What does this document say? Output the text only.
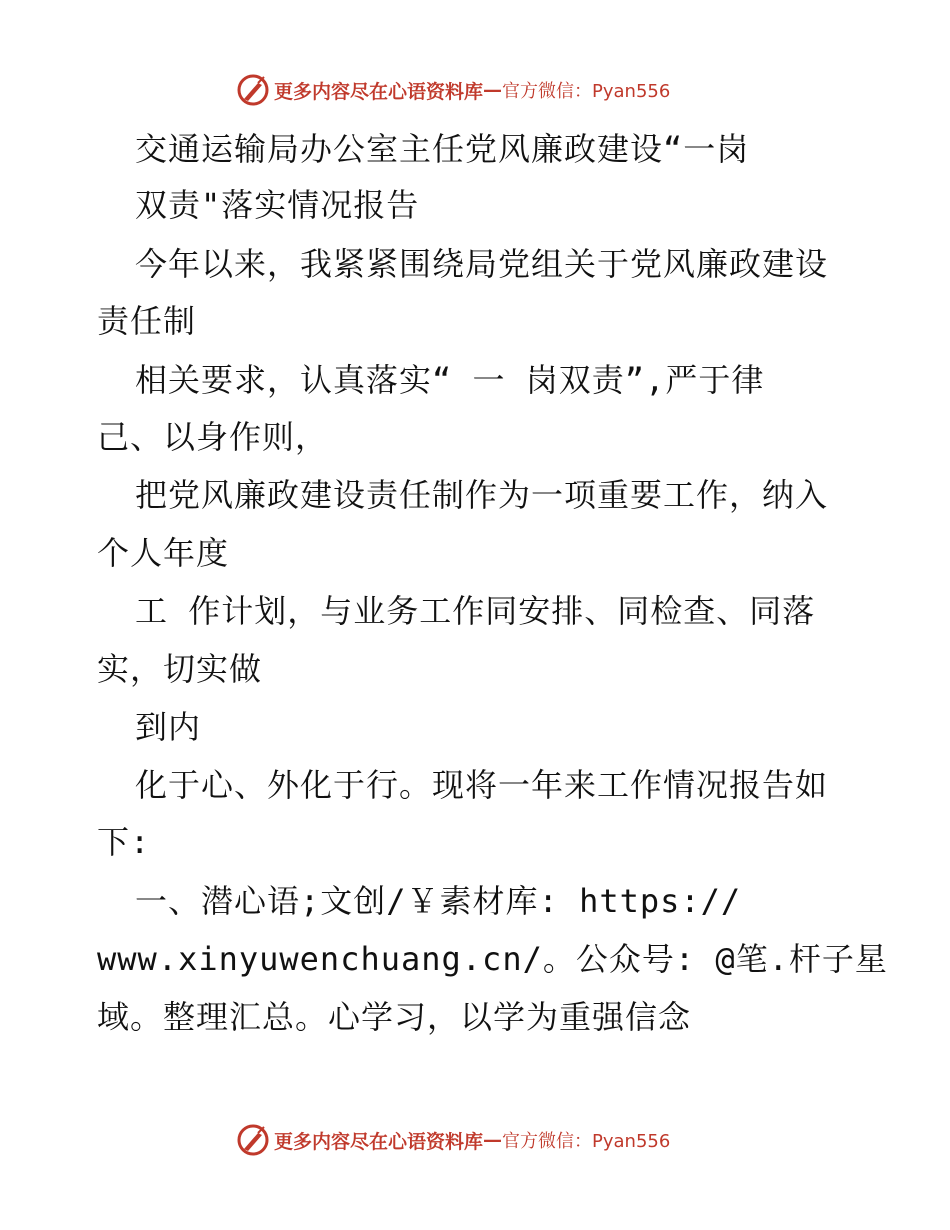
更多内容尽在心语资料库 — 官方微信：Pyan556
交通运输局办公室主任党风廉政建设“一岗
双责"落实情况报告
今年以来，我紧紧围绕局党组关于党风廉政建设
责任制
相关要求，认真落实“ 一 岗双责”,严于律
己、以身作则，
把党风廉政建设责任制作为一项重要工作，纳入
个人年度
工 作计划，与业务工作同安排、同检查、同落
实，切实做
到内
化于心、外化于行。现将一年来工作情况报告如
下:
一、潜心语;文创/￥素材库: https://
www.xinyuwenchuang.cn/。公众号: @笔.杆子星
域。整理汇总。心学习，以学为重强信念
更多内容尽在心语资料库 — 官方微信：Pyan556
